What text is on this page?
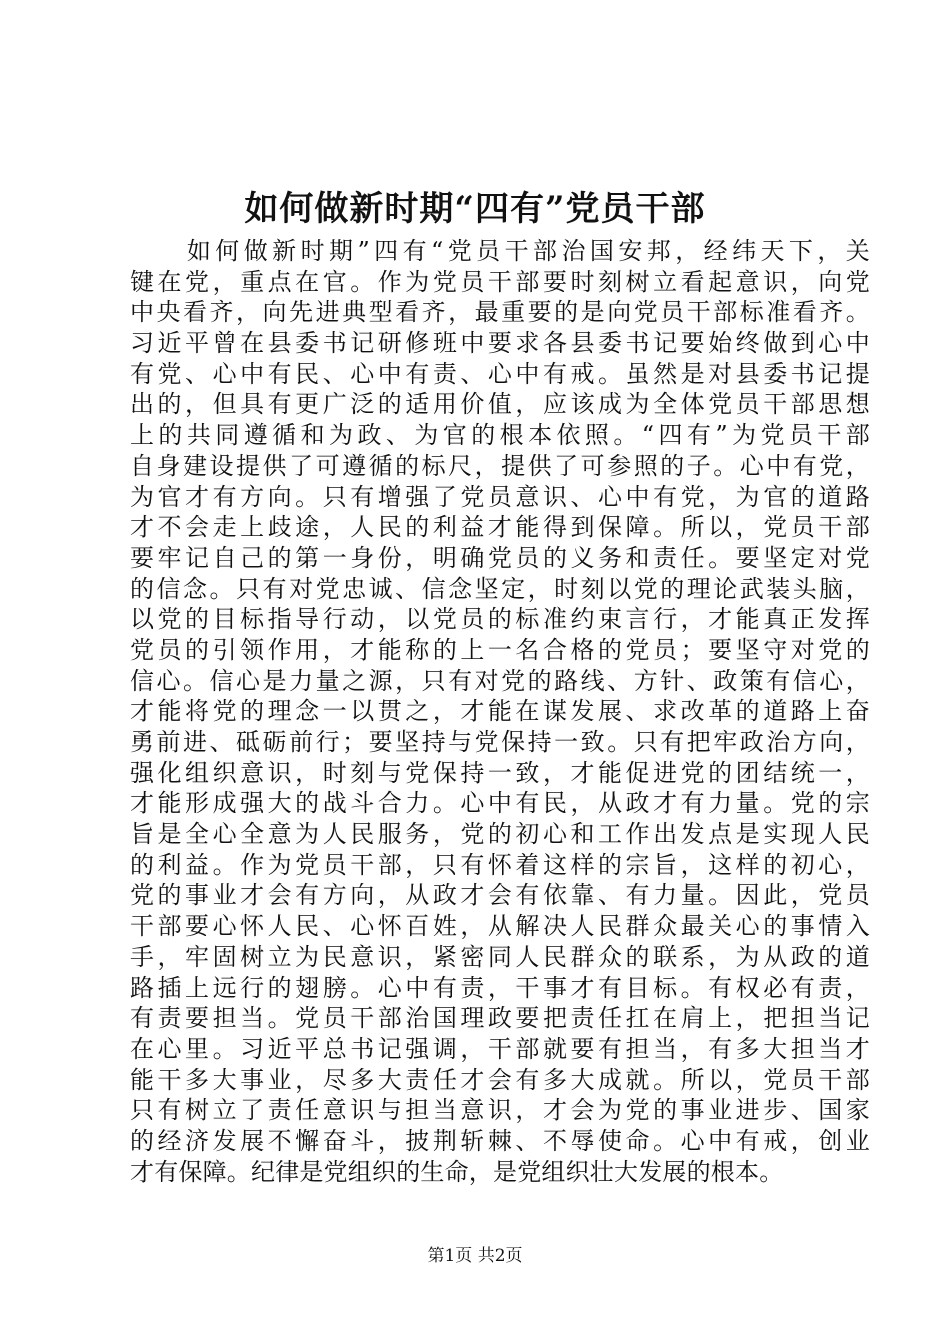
如何做新时期“四有”党员干部
　　如何做新时期”四有“党员干部治国安邦，经纬天下，关
键在党，重点在官。作为党员干部要时刻树立看起意识，向党
中央看齐，向先进典型看齐，最重要的是向党员干部标准看齐。
习近平曾在县委书记研修班中要求各县委书记要始终做到心中
有党、心中有民、心中有责、心中有戒。虽然是对县委书记提
出的，但具有更广泛的适用价值，应该成为全体党员干部思想
上的共同遵循和为政、为官的根本依照。“四有”为党员干部
自身建设提供了可遵循的标尺，提供了可参照的子。心中有党，
为官才有方向。只有增强了党员意识、心中有党，为官的道路
才不会走上歧途，人民的利益才能得到保障。所以，党员干部
要牢记自己的第一身份，明确党员的义务和责任。要坚定对党
的信念。只有对党忠诚、信念坚定，时刻以党的理论武装头脑，
以党的目标指导行动，以党员的标准约束言行，才能真正发挥
党员的引领作用，才能称的上一名合格的党员；要坚守对党的
信心。信心是力量之源，只有对党的路线、方针、政策有信心，
才能将党的理念一以贯之，才能在谋发展、求改革的道路上奋
勇前进、砥砺前行；要坚持与党保持一致。只有把牢政治方向，
强化组织意识，时刻与党保持一致，才能促进党的团结统一，
才能形成强大的战斗合力。心中有民，从政才有力量。党的宗
旨是全心全意为人民服务，党的初心和工作出发点是实现人民
的利益。作为党员干部，只有怀着这样的宗旨，这样的初心，
党的事业才会有方向，从政才会有依靠、有力量。因此，党员
干部要心怀人民、心怀百姓，从解决人民群众最关心的事情入
手，牢固树立为民意识，紧密同人民群众的联系，为从政的道
路插上远行的翅膀。心中有责，干事才有目标。有权必有责，
有责要担当。党员干部治国理政要把责任扛在肩上，把担当记
在心里。习近平总书记强调，干部就要有担当，有多大担当才
能干多大事业，尽多大责任才会有多大成就。所以，党员干部
只有树立了责任意识与担当意识，才会为党的事业进步、国家
的经济发展不懈奋斗，披荆斩棘、不辱使命。心中有戒，创业
才有保障。纪律是党组织的生命，是党组织壮大发展的根本。
第1页 共2页
